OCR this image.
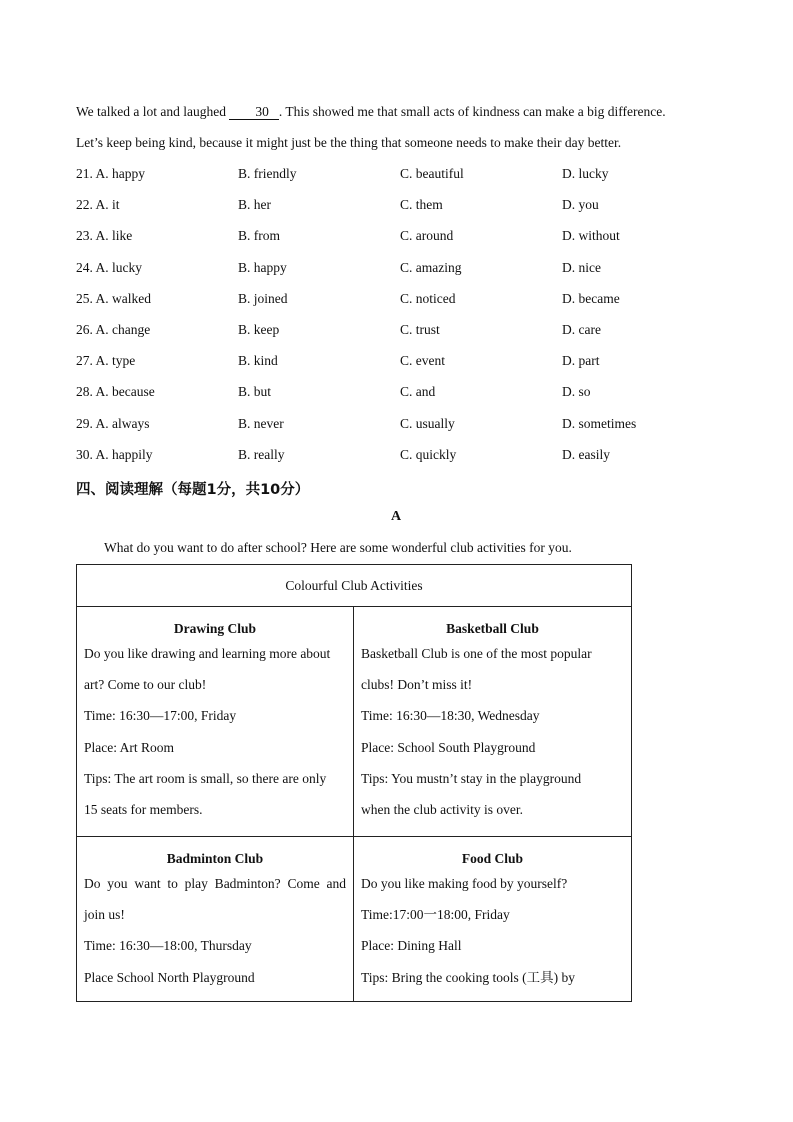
We talked a lot and laughed 30 . This showed me that small acts of kindness can make a big difference.
Let’s keep being kind, because it might just be the thing that someone needs to make their day better.
21. A. happy	B. friendly	C. beautiful	D. lucky
22. A. it	B. her	C. them	D. you
23. A. like	B. from	C. around	D. without
24. A. lucky	B. happy	C. amazing	D. nice
25. A. walked	B. joined	C. noticed	D. became
26. A. change	B. keep	C. trust	D. care
27. A. type	B. kind	C. event	D. part
28. A. because	B. but	C. and	D. so
29. A. always	B. never	C. usually	D. sometimes
30. A. happily	B. really	C. quickly	D. easily
四、阅读理解（每题1分，共10分）
A
What do you want to do after school? Here are some wonderful club activities for you.
Colourful Club Activities
Drawing Club
Do you like drawing and learning more about
art? Come to our club!
Time: 16:30—17:00, Friday
Place: Art Room
Tips: The art room is small, so there are only
15 seats for members.
Basketball Club
Basketball Club is one of the most popular
clubs! Don’t miss it!
Time: 16:30—18:30, Wednesday
Place: School South Playground
Tips: You mustn’t stay in the playground
when the club activity is over.
Badminton Club
Do you want to play Badminton? Come and
join us!
Time: 16:30—18:00, Thursday
Place School North Playground
Food Club
Do you like making food by yourself?
Time:17:00一18:00, Friday
Place: Dining Hall
Tips: Bring the cooking tools (工具) by
